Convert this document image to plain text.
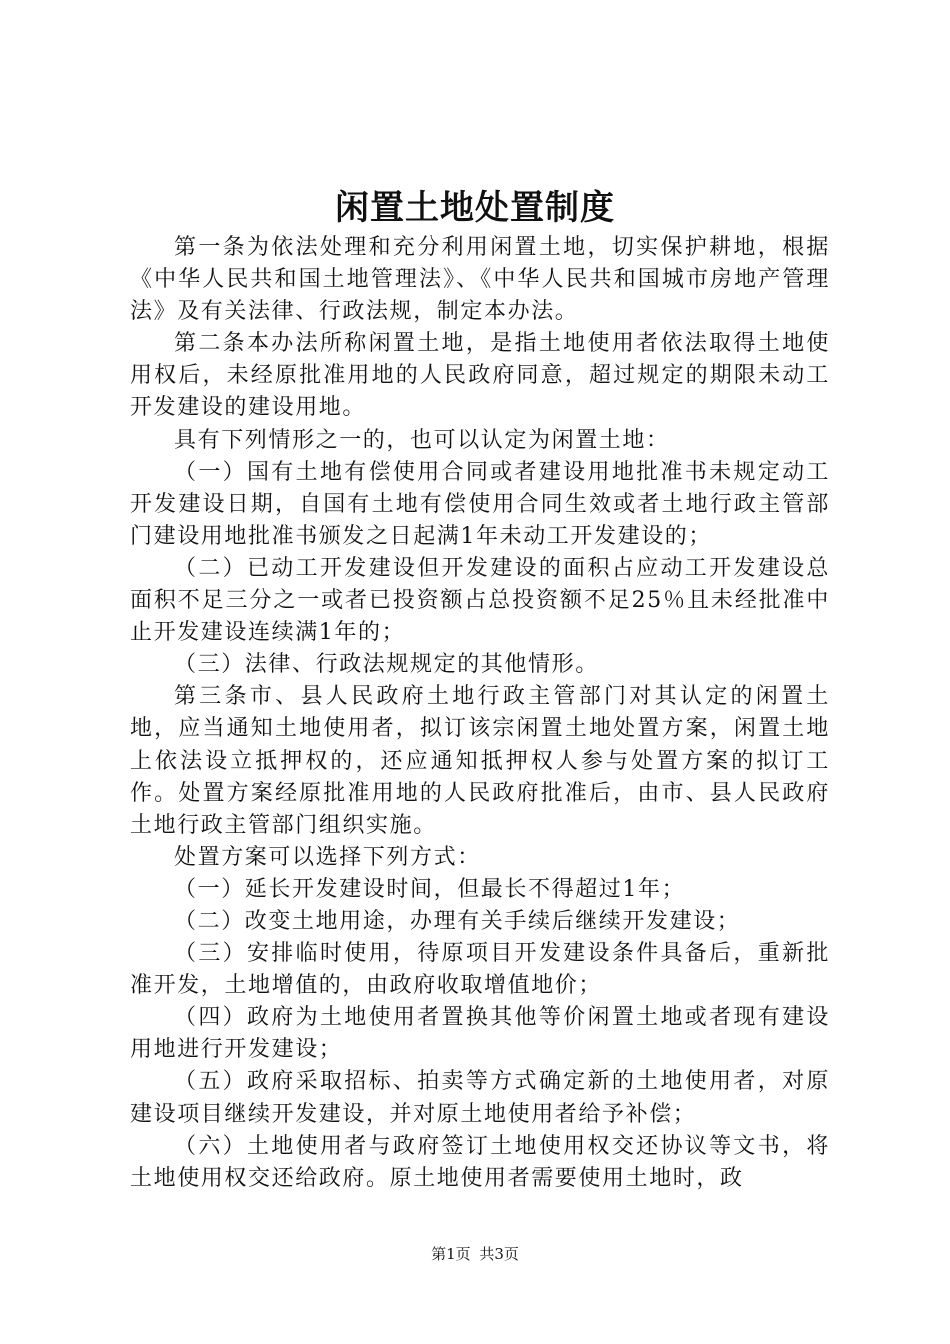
闲置土地处置制度

第一条为依法处理和充分利用闲置土地，切实保护耕地，根据《中华人民共和国土地管理法》、《中华人民共和国城市房地产管理法》及有关法律、行政法规，制定本办法。

第二条本办法所称闲置土地，是指土地使用者依法取得土地使用权后，未经原批准用地的人民政府同意，超过规定的期限未动工开发建设的建设用地。

具有下列情形之一的，也可以认定为闲置土地：

（一）国有土地有偿使用合同或者建设用地批准书未规定动工开发建设日期，自国有土地有偿使用合同生效或者土地行政主管部门建设用地批准书颁发之日起满1年未动工开发建设的；

（二）已动工开发建设但开发建设的面积占应动工开发建设总面积不足三分之一或者已投资额占总投资额不足25％且未经批准中止开发建设连续满1年的；

（三）法律、行政法规规定的其他情形。

第三条市、县人民政府土地行政主管部门对其认定的闲置土地，应当通知土地使用者，拟订该宗闲置土地处置方案，闲置土地上依法设立抵押权的，还应通知抵押权人参与处置方案的拟订工作。处置方案经原批准用地的人民政府批准后，由市、县人民政府土地行政主管部门组织实施。

处置方案可以选择下列方式：

（一）延长开发建设时间，但最长不得超过1年；

（二）改变土地用途，办理有关手续后继续开发建设；

（三）安排临时使用，待原项目开发建设条件具备后，重新批准开发，土地增值的，由政府收取增值地价；

（四）政府为土地使用者置换其他等价闲置土地或者现有建设用地进行开发建设；

（五）政府采取招标、拍卖等方式确定新的土地使用者，对原建设项目继续开发建设，并对原土地使用者给予补偿；

（六）土地使用者与政府签订土地使用权交还协议等文书，将土地使用权交还给政府。原土地使用者需要使用土地时，政

第1页 共3页
